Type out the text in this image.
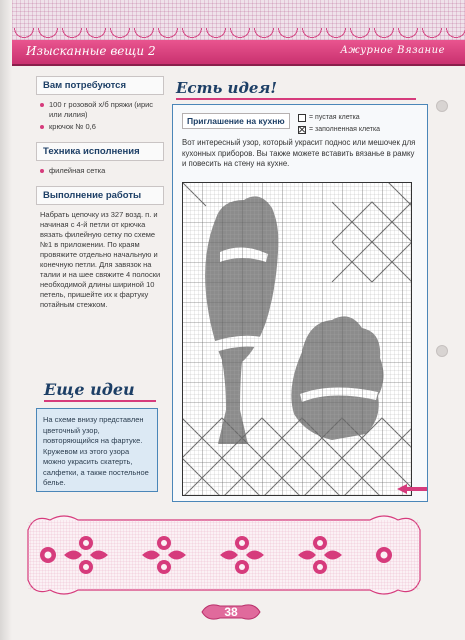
Изысканные вещи 2	Ажурное Вязание
Вам потребуются
100 г розовой х/б пряжи (ирис или лилия)
крючок № 0,6
Техника исполнения
филейная сетка
Выполнение работы

Набрать цепочку из 327 возд. п. и начиная с 4-й петли от крючка вязать филейную сетку по схеме №1 в приложении. По краям провяжите отдельно начальную и конечную петли. Для завязок на талии и на шее свяжите 4 полоски необходимой длины шириной 10 петель, пришейте их к фартуку потайным стежком.

Еще идеи
На схеме внизу представлен цветочный узор, повторяющийся на фартуке. Кружевом из этого узора можно украсить скатерть, салфетки, а также постельное белье.
Есть идея!
Приглашение на кухню	= пустая клетка
= заполненная клетка

Вот интересный узор, который украсит поднос или мешочек для кухонных приборов. Вы также можете вставить вязанье в рамку и повесить на стену на кухне.

38
